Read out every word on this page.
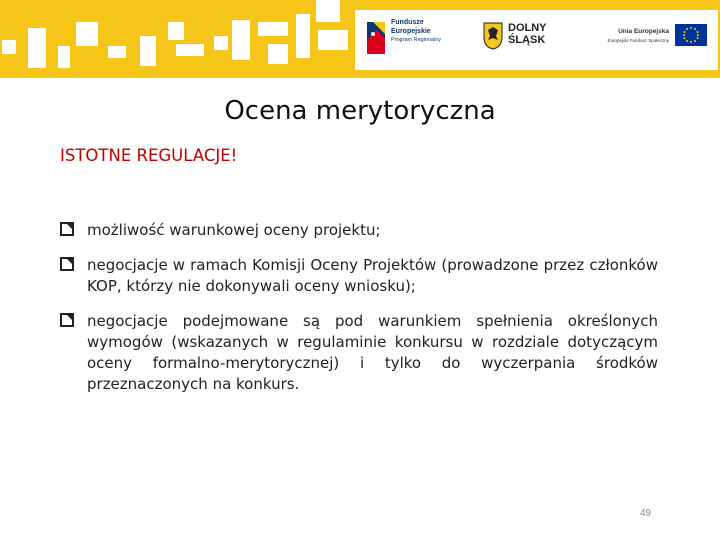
Fundusze
Europejskie
Program Regionalny
DOLNY
ŚLĄSK
Unia Europejska
Europejski Fundusz Społeczny
Ocena merytoryczna
ISTOTNE REGULACJE!
możliwość warunkowej oceny projektu;
negocjacje w ramach Komisji Oceny Projektów (prowadzone przez członków KOP, którzy nie dokonywali oceny wniosku);
negocjacje podejmowane są pod warunkiem spełnienia określonych wymogów (wskazanych w regulaminie konkursu w rozdziale dotyczącym oceny formalno-merytorycznej) i tylko do wyczerpania środków przeznaczonych na konkurs.
49
